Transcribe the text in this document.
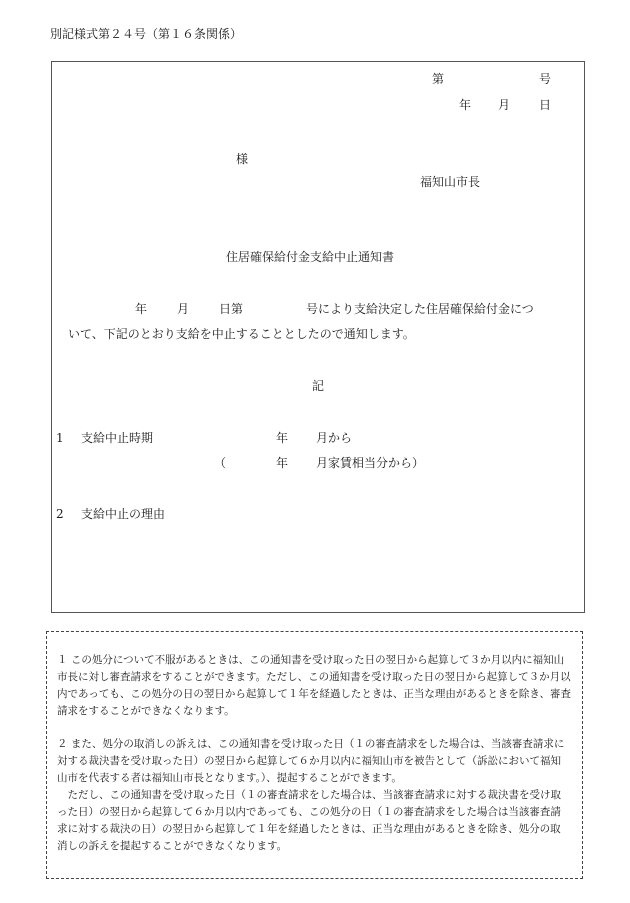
別記様式第２４号（第１６条関係）
第	号
年 月 日
様
福知山市長
住居確保給付金支給中止通知書
年 月 日第	号により支給決定した住居確保給付金につ
いて、下記のとおり支給を中止することとしたので通知します。
記
1 支給中止時期	年 月から
（	年 月家賃相当分から）
2 支給中止の理由
１ この処分について不服があるときは、この通知書を受け取った日の翌日から起算して３か月以内に福知山市長に対し審査請求をすることができます。ただし、この通知書を受け取った日の翌日から起算して３か月以内であっても、この処分の日の翌日から起算して１年を経過したときは、正当な理由があるときを除き、審査請求をすることができなくなります。
２ また、処分の取消しの訴えは、この通知書を受け取った日（１の審査請求をした場合は、当該審査請求に対する裁決書を受け取った日）の翌日から起算して６か月以内に福知山市を被告として（訴訟において福知山市を代表する者は福知山市長となります。）、提起することができます。
　ただし、この通知書を受け取った日（１の審査請求をした場合は、当該審査請求に対する裁決書を受け取った日）の翌日から起算して６か月以内であっても、この処分の日（１の審査請求をした場合は当該審査請求に対する裁決の日）の翌日から起算して１年を経過したときは、正当な理由があるときを除き、処分の取消しの訴えを提起することができなくなります。
